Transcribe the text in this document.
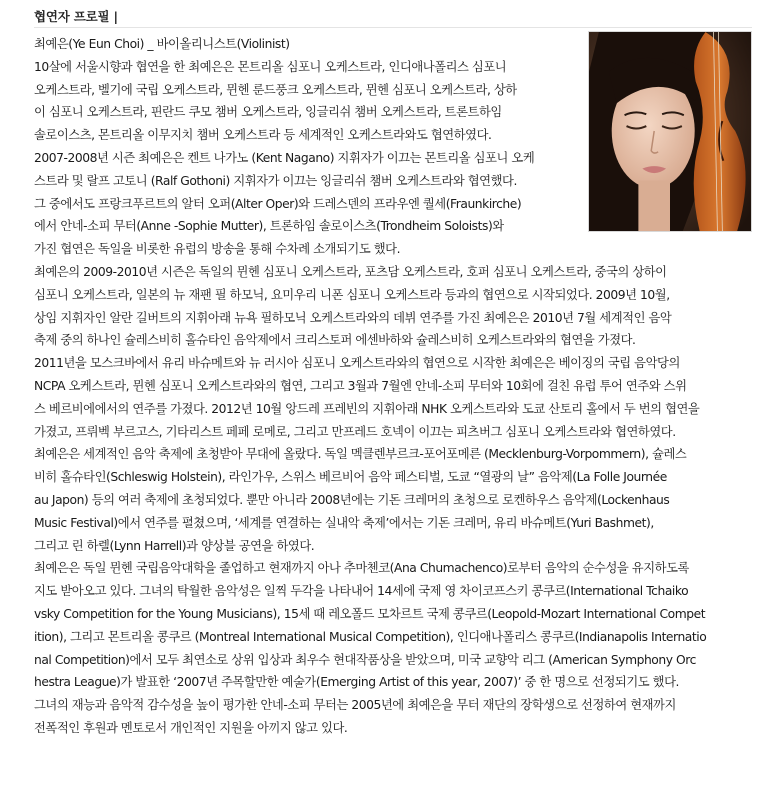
협연자 프로필 |
최예은(Ye Eun Choi) _ 바이올리니스트(Violinist)
10살에 서울시향과 협연을 한 최예은은 몬트리올 심포니 오케스트라, 인디애나폴리스 심포니
오케스트라, 벨기에 국립 오케스트라, 뮌헨 룬드풍크 오케스트라, 뮌헨 심포니 오케스트라, 상하
이 심포니 오케스트라, 핀란드 쿠모 챔버 오케스트라, 잉글리쉬 챔버 오케스트라, 트론트하임
솔로이스츠, 몬트리올 이무지치 챔버 오케스트라 등 세계적인 오케스트라와도 협연하였다.
2007-2008년 시즌 최예은은 켄트 나가노 (Kent Nagano) 지휘자가 이끄는 몬트리올 심포니 오케
스트라 및 랄프 고토니 (Ralf Gothoni) 지휘자가 이끄는 잉글리쉬 챔버 오케스트라와 협연했다.
그 중에서도 프랑크푸르트의 알터 오퍼(Alter Oper)와 드레스덴의 프라우엔 퀄세(Fraunkirche)
에서 안네-소피 무터(Anne -Sophie Mutter), 트론하임 솔로이스츠(Trondheim Soloists)와
가진 협연은 독일을 비롯한 유럽의 방송을 통해 수차례 소개되기도 했다.
최예은의 2009-2010년 시즌은 독일의 뮌헨 심포니 오케스트라, 포츠담 오케스트라, 호퍼 심포니 오케스트라, 중국의 상하이
심포니 오케스트라, 일본의 뉴 재팬 필 하모닉, 요미우리 니폰 심포니 오케스트라 등과의 협연으로 시작되었다. 2009년 10월,
상임 지휘자인 알란 길버트의 지휘아래 뉴욕 필하모닉 오케스트라와의 데뷔 연주를 가진 최예은은 2010년 7월 세계적인 음악
축제 중의 하나인 슐레스비히 홀슈타인 음악제에서 크리스토퍼 에센바하와 슐레스비히 오케스트라와의 협연을 가졌다.
2011년을 모스크바에서 유리 바슈메트와 뉴 러시아 심포니 오케스트라와의 협연으로 시작한 최예은은 베이징의 국립 음악당의
NCPA 오케스트라, 뮌헨 심포니 오케스트라와의 협연, 그리고 3월과 7월엔 안네-소피 무터와 10회에 걸친 유럽 투어 연주와 스위
스 베르비에에서의 연주를 가졌다. 2012년 10월 앙드레 프레빈의 지휘아래 NHK 오케스트라와 도쿄 산토리 홀에서 두 번의 협연을
가졌고, 프뤼벡 부르고스, 기타리스트 페페 로메로, 그리고 만프레드 호넥이 이끄는 피츠버그 심포니 오케스트라와 협연하였다.
최예은은 세계적인 음악 축제에 초청받아 무대에 올랐다. 독일 멕클렌부르크-포어포메른 (Mecklenburg-Vorpommern), 슐레스
비히 홀슈타인(Schleswig Holstein), 라인가우, 스위스 베르비어 음악 페스티벌, 도쿄 “열광의 날” 음악제(La Folle Journée
au Japon) 등의 여러 축제에 초청되었다. 뿐만 아니라 2008년에는 기돈 크레머의 초청으로 로켄하우스 음악제(Lockenhaus
Music Festival)에서 연주를 펼쳤으며, ‘세계를 연결하는 실내악 축제’에서는 기돈 크레머, 유리 바슈메트(Yuri Bashmet),
그리고 린 하렐(Lynn Harrell)과 양상블 공연을 하였다.
최예은은 독일 뮌헨 국립음악대학을 졸업하고 현재까지 아나 추마첸코(Ana Chumachenco)로부터 음악의 순수성을 유지하도록
지도 받아오고 있다. 그녀의 탁월한 음악성은 일찍 두각을 나타내어 14세에 국제 영 차이코프스키 콩쿠르(International Tchaiko
vsky Competition for the Young Musicians), 15세 때 레오폴드 모차르트 국제 콩쿠르(Leopold-Mozart International Compet
ition), 그리고 몬트리올 콩쿠르 (Montreal International Musical Competition), 인디애나폴리스 콩쿠르(Indianapolis Internatio
nal Competition)에서 모두 최연소로 상위 입상과 최우수 현대작품상을 받았으며, 미국 교향악 리그 (American Symphony Orc
hestra League)가 발표한 ‘2007년 주목할만한 예술가(Emerging Artist of this year, 2007)’ 중 한 명으로 선정되기도 했다.
그녀의 재능과 음악적 감수성을 높이 평가한 안네-소피 무터는 2005년에 최예은을 무터 재단의 장학생으로 선정하여 현재까지
전폭적인 후원과 멘토로서 개인적인 지원을 아끼지 않고 있다.
